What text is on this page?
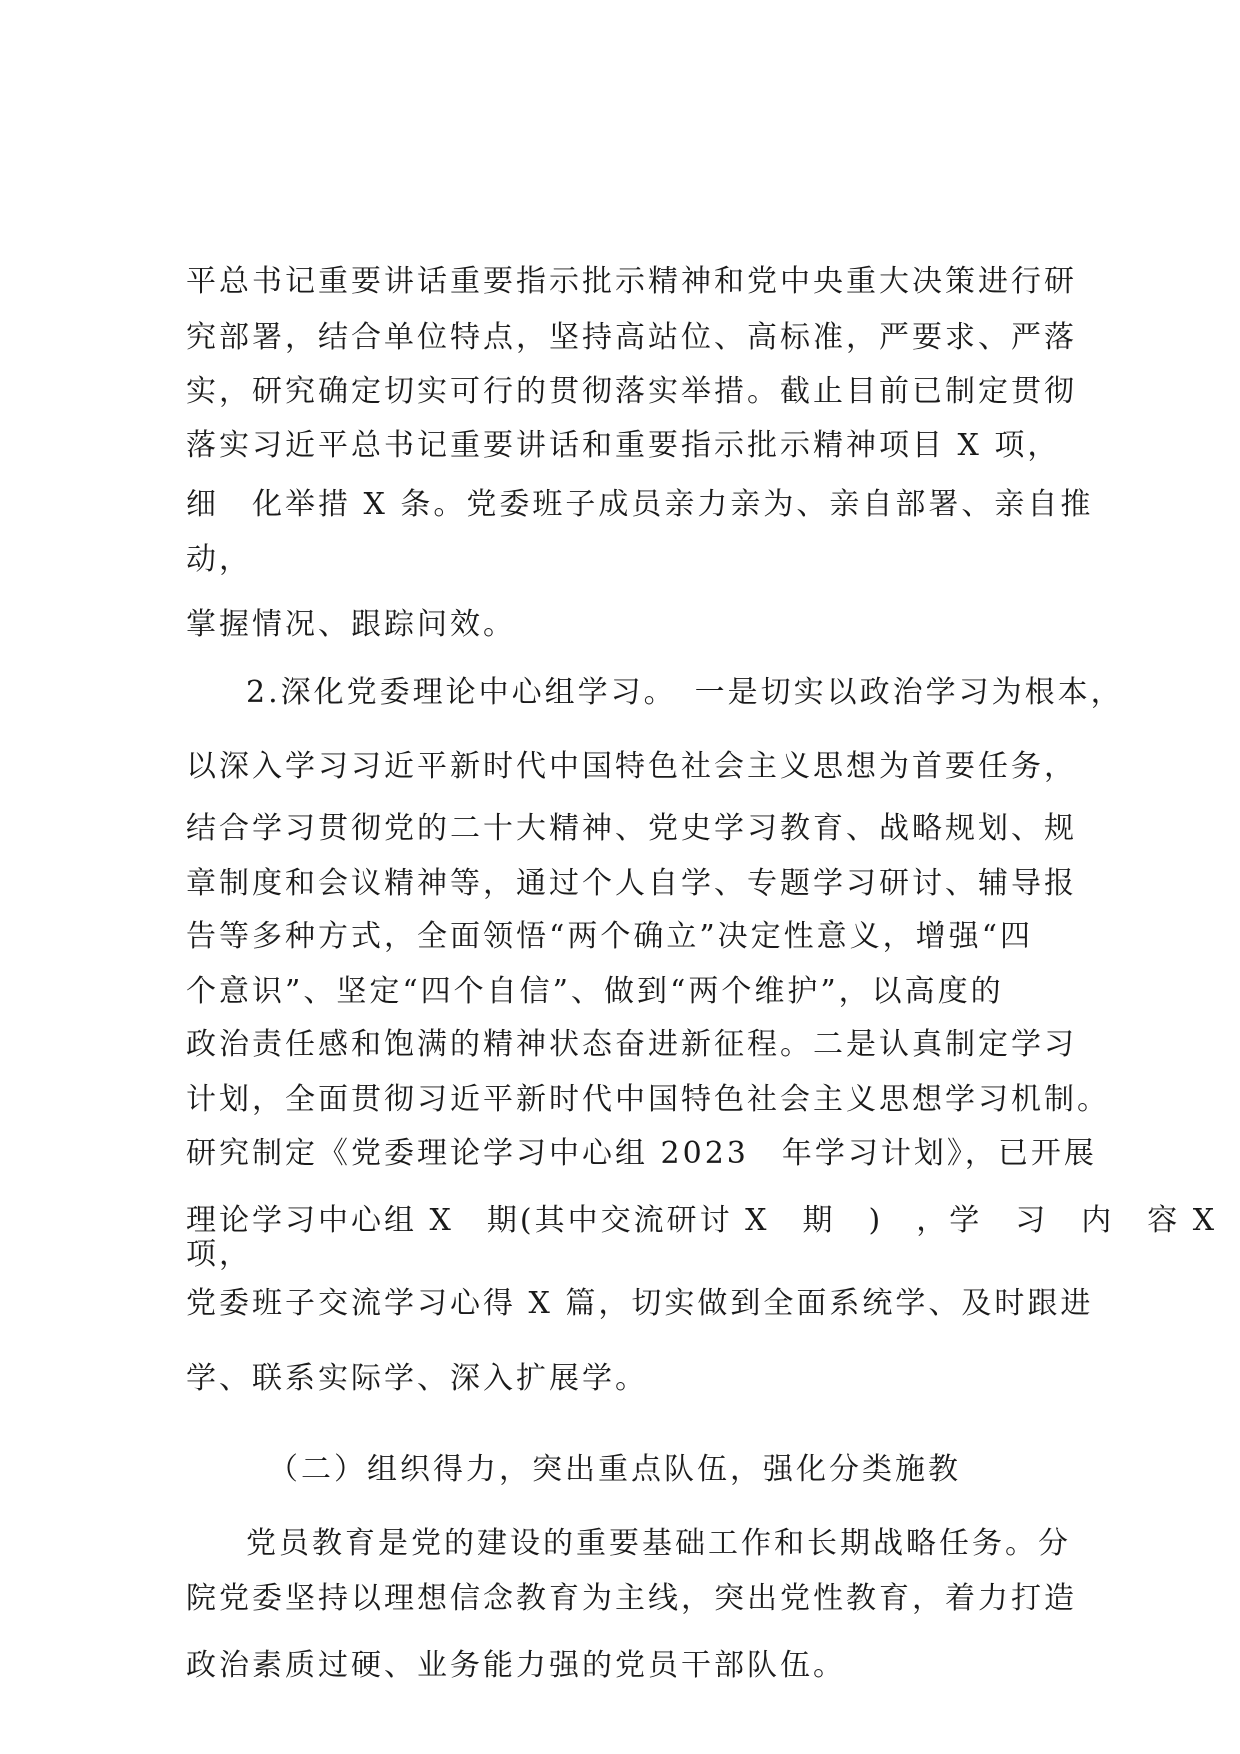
平总书记重要讲话重要指示批示精神和党中央重大决策进行研
究部署，结合单位特点，坚持高站位、高标准，严要求、严落
实，研究确定切实可行的贯彻落实举措。截止目前已制定贯彻
落实习近平总书记重要讲话和重要指示批示精神项目 X 项，
细　化举措 X 条。党委班子成员亲力亲为、亲自部署、亲自推
动，
掌握情况、跟踪问效。
2.深化党委理论中心组学习。　一是切实以政治学习为根本，
以深入学习习近平新时代中国特色社会主义思想为首要任务，
结合学习贯彻党的二十大精神、党史学习教育、战略规划、规
章制度和会议精神等，通过个人自学、专题学习研讨、辅导报
告等多种方式，全面领悟“两个确立”决定性意义，增强“四
个意识”、坚定“四个自信”、做到“两个维护”，以高度的
政治责任感和饱满的精神状态奋进新征程。二是认真制定学习
计划，全面贯彻习近平新时代中国特色社会主义思想学习机制。
研究制定《党委理论学习中心组 2023　年学习计划》，已开展
理论学习中心组 X　期(其中交流研讨 X　期　)　，学　习　内　容 X
项，
党委班子交流学习心得 X 篇，切实做到全面系统学、及时跟进
学、联系实际学、深入扩展学。
（二）组织得力，突出重点队伍，强化分类施教
党员教育是党的建设的重要基础工作和长期战略任务。分
院党委坚持以理想信念教育为主线，突出党性教育，着力打造
政治素质过硬、业务能力强的党员干部队伍。
